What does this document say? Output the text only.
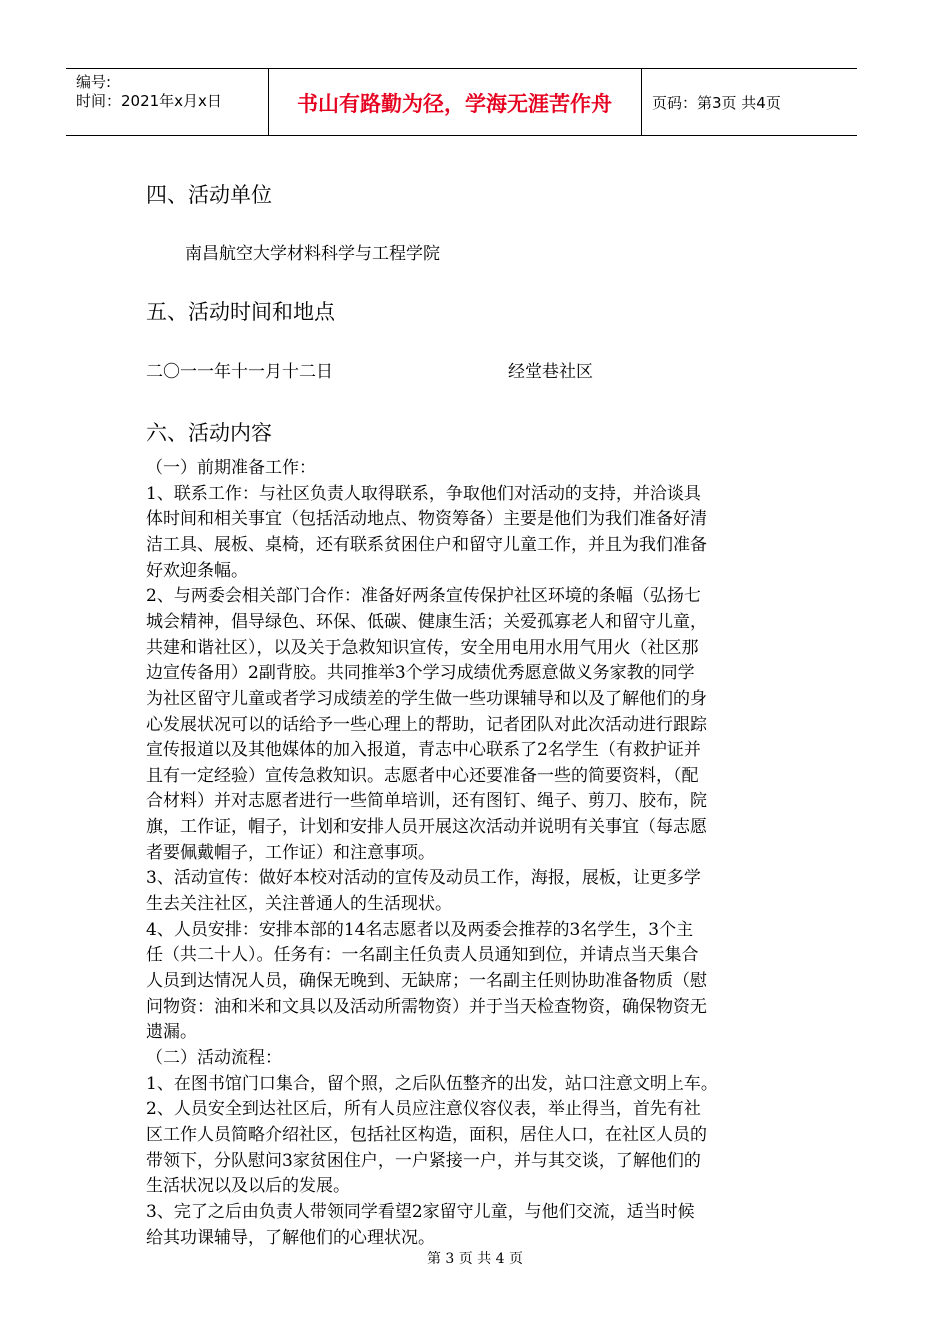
编号:
时间：2021年x月x日	书山有路勤为径，学海无涯苦作舟	页码：第3页 共4页
四、活动单位
南昌航空大学材料科学与工程学院
五、活动时间和地点
二〇一一年十一月十二日	经堂巷社区
六、活动内容
（一）前期准备工作：
1、联系工作：与社区负责人取得联系，争取他们对活动的支持，并洽谈具
体时间和相关事宜（包括活动地点、物资筹备）主要是他们为我们准备好清
洁工具、展板、桌椅，还有联系贫困住户和留守儿童工作，并且为我们准备
好欢迎条幅。
2、与两委会相关部门合作：准备好两条宣传保护社区环境的条幅（弘扬七
城会精神，倡导绿色、环保、低碳、健康生活；关爱孤寡老人和留守儿童，
共建和谐社区），以及关于急救知识宣传，安全用电用水用气用火（社区那
边宣传备用）2副背胶。共同推举3个学习成绩优秀愿意做义务家教的同学
为社区留守儿童或者学习成绩差的学生做一些功课辅导和以及了解他们的身
心发展状况可以的话给予一些心理上的帮助，记者团队对此次活动进行跟踪
宣传报道以及其他媒体的加入报道，青志中心联系了2名学生（有救护证并
且有一定经验）宣传急救知识。志愿者中心还要准备一些的简要资料，（配
合材料）并对志愿者进行一些简单培训，还有图钉、绳子、剪刀、胶布，院
旗，工作证，帽子，计划和安排人员开展这次活动并说明有关事宜（每志愿
者要佩戴帽子，工作证）和注意事项。
3、活动宣传：做好本校对活动的宣传及动员工作，海报，展板，让更多学
生去关注社区，关注普通人的生活现状。
4、人员安排：安排本部的14名志愿者以及两委会推荐的3名学生，3个主
任（共二十人）。任务有：一名副主任负责人员通知到位，并请点当天集合
人员到达情况人员，确保无晚到、无缺席；一名副主任则协助准备物质（慰
问物资：油和米和文具以及活动所需物资）并于当天检查物资，确保物资无
遗漏。
（二）活动流程：
1、在图书馆门口集合，留个照，之后队伍整齐的出发，站口注意文明上车。
2、人员安全到达社区后，所有人员应注意仪容仪表，举止得当，首先有社
区工作人员简略介绍社区，包括社区构造，面积，居住人口，在社区人员的
带领下，分队慰问3家贫困住户，一户紧接一户，并与其交谈，了解他们的
生活状况以及以后的发展。
3、完了之后由负责人带领同学看望2家留守儿童，与他们交流，适当时候
给其功课辅导，了解他们的心理状况。
第 3 页 共 4 页
